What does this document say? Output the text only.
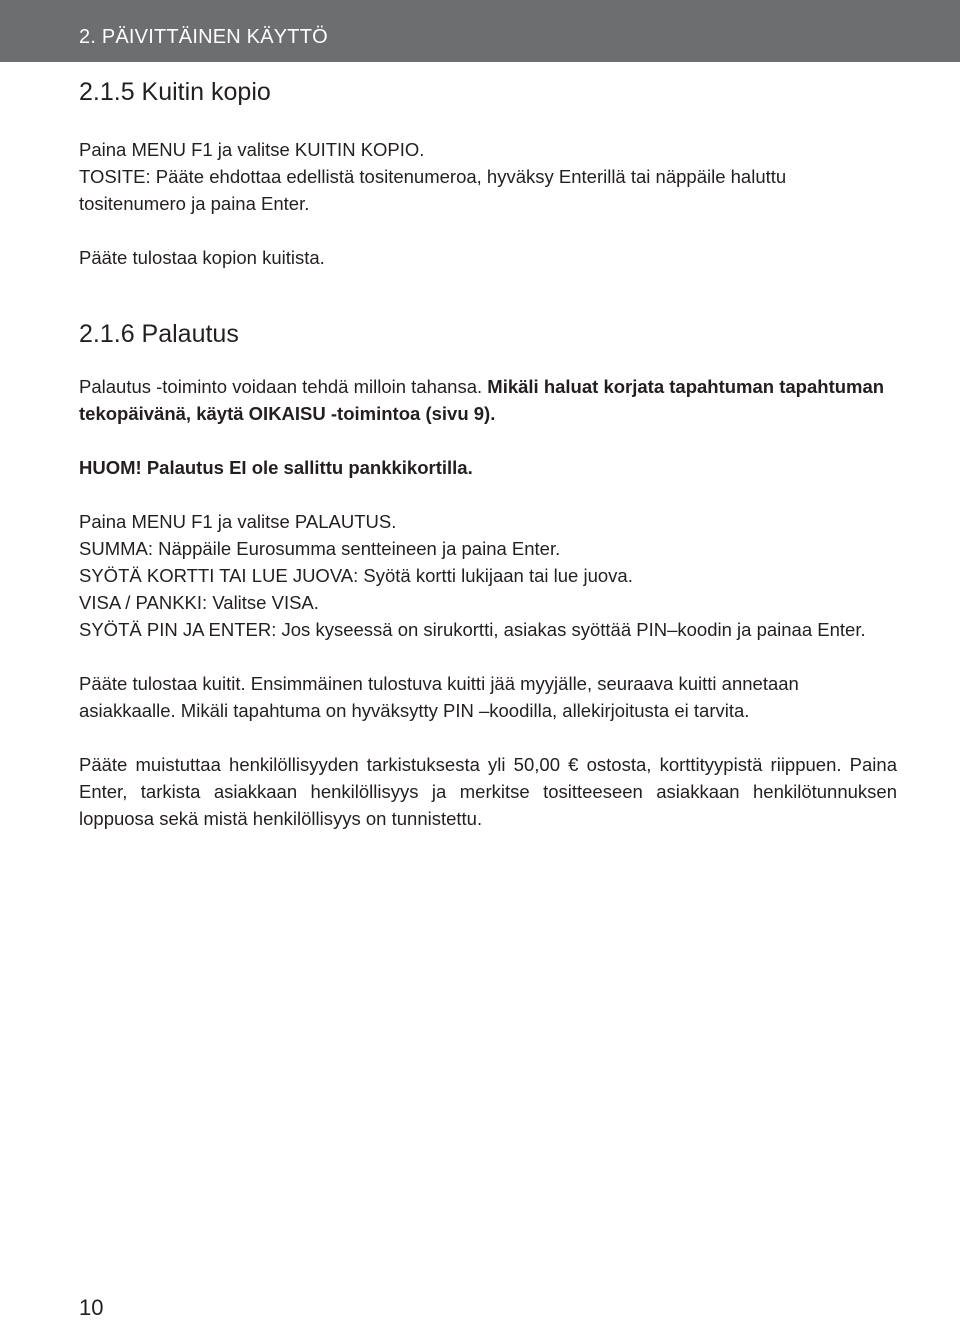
2. PÄIVITTÄINEN KÄYTTÖ
2.1.5 Kuitin kopio

Paina MENU F1 ja valitse KUITIN KOPIO.

TOSITE: Pääte ehdottaa edellistä tositenumeroa, hyväksy Enterillä tai näppäile haluttu tositenumero ja paina Enter.

Pääte tulostaa kopion kuitista.

2.1.6 Palautus

Palautus -toiminto voidaan tehdä milloin tahansa. Mikäli haluat korjata tapahtuman tapahtuman tekopäivänä, käytä OIKAISU -toimintoa (sivu 9).

HUOM! Palautus EI ole sallittu pankkikortilla.

Paina MENU F1 ja valitse PALAUTUS.

SUMMA: Näppäile Eurosumma sentteineen ja paina Enter.

SYÖTÄ KORTTI TAI LUE JUOVA: Syötä kortti lukijaan tai lue juova.

VISA / PANKKI: Valitse VISA.

SYÖTÄ PIN JA ENTER: Jos kyseessä on sirukortti, asiakas syöttää PIN–koodin ja painaa Enter.

Pääte tulostaa kuitit. Ensimmäinen tulostuva kuitti jää myyjälle, seuraava kuitti annetaan asiakkaalle. Mikäli tapahtuma on hyväksytty PIN –koodilla, allekirjoitusta ei tarvita.

Pääte muistuttaa henkilöllisyyden tarkistuksesta yli 50,00 € ostosta, korttityypistä riippuen. Paina Enter, tarkista asiakkaan henkilöllisyys ja merkitse tositteeseen asiakkaan henkilötunnuksen loppuosa sekä mistä henkilöllisyys on tunnistettu.

10
